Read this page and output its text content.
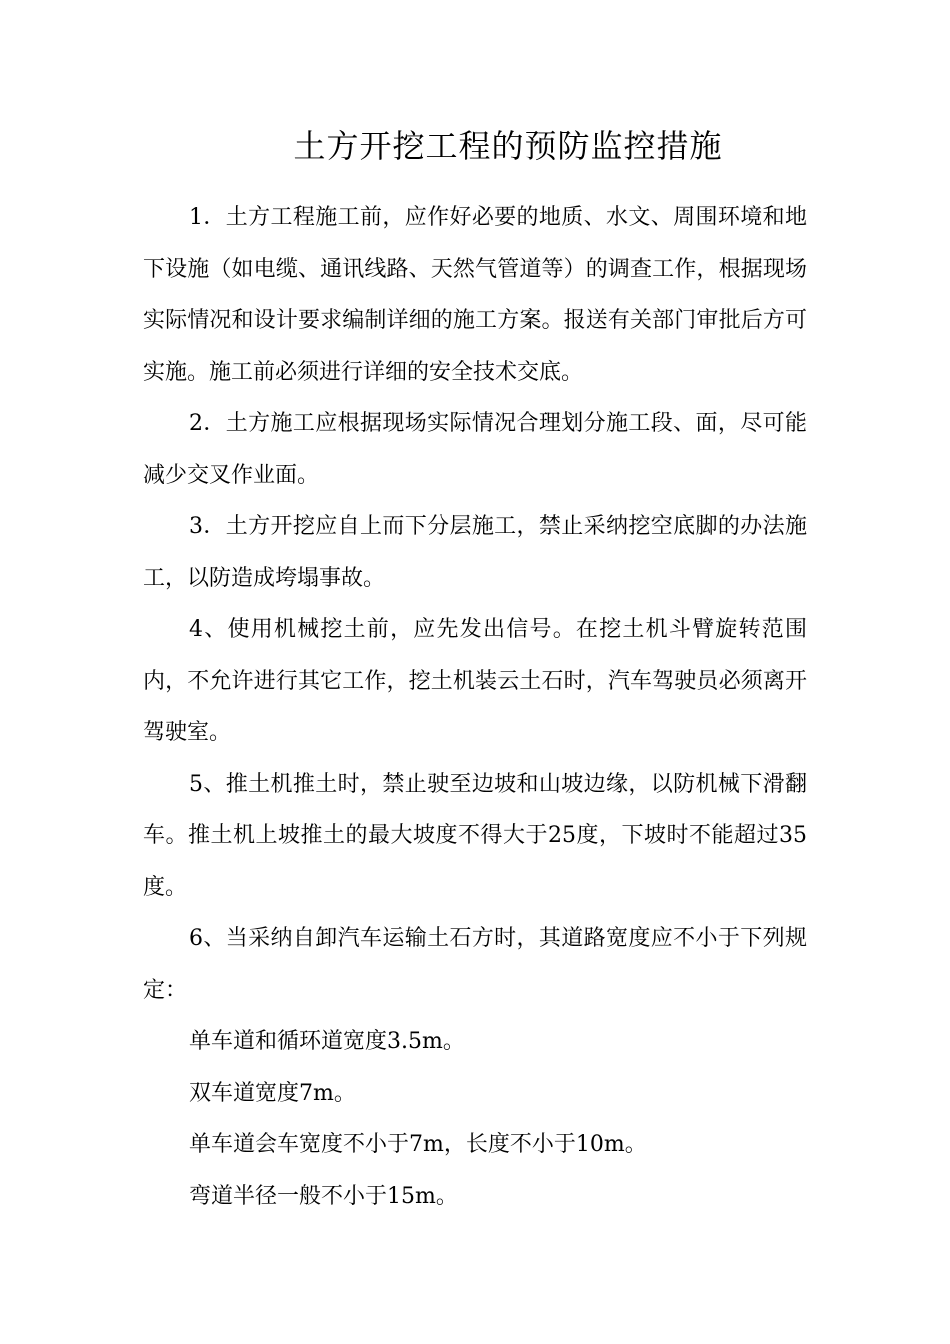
土方开挖工程的预防监控措施

1．土方工程施工前，应作好必要的地质、水文、周围环境和地下设施（如电缆、通讯线路、天然气管道等）的调查工作，根据现场实际情况和设计要求编制详细的施工方案。报送有关部门审批后方可实施。施工前必须进行详细的安全技术交底。

2．土方施工应根据现场实际情况合理划分施工段、面，尽可能减少交叉作业面。

3．土方开挖应自上而下分层施工，禁止采纳挖空底脚的办法施工，以防造成垮塌事故。

4、使用机械挖土前，应先发出信号。在挖土机斗臂旋转范围内，不允许进行其它工作，挖土机装云土石时，汽车驾驶员必须离开驾驶室。

5、推土机推土时，禁止驶至边坡和山坡边缘，以防机械下滑翻车。推土机上坡推土的最大坡度不得大于25度，下坡时不能超过35度。

6、当采纳自卸汽车运输土石方时，其道路宽度应不小于下列规定：

单车道和循环道宽度3.5m。

双车道宽度7m。

单车道会车宽度不小于7m，长度不小于10m。

弯道半径一般不小于15m。
